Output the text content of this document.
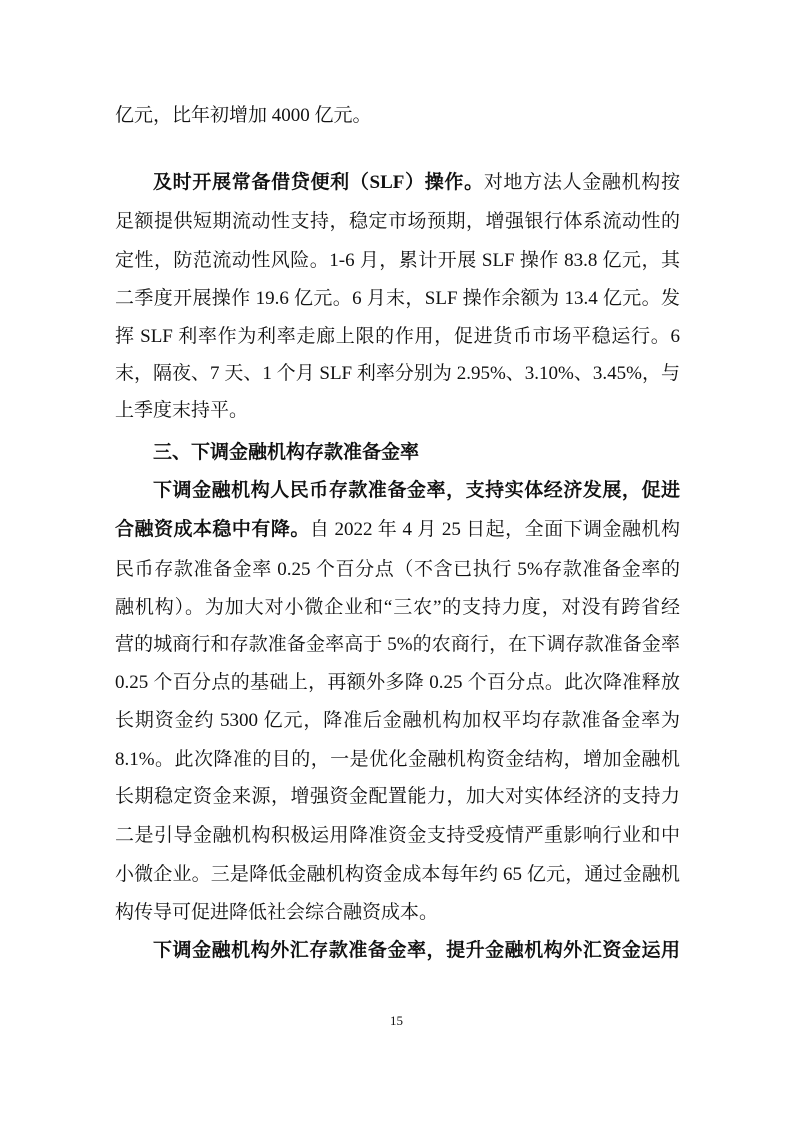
亿元，比年初增加 4000 亿元。
及时开展常备借贷便利（SLF）操作。对地方法人金融机构按
足额提供短期流动性支持，稳定市场预期，增强银行体系流动性的
定性，防范流动性风险。1-6 月，累计开展 SLF 操作 83.8 亿元，其
二季度开展操作 19.6 亿元。6 月末，SLF 操作余额为 13.4 亿元。发
挥 SLF 利率作为利率走廊上限的作用，促进货币市场平稳运行。6
末，隔夜、7 天、1 个月 SLF 利率分别为 2.95%、3.10%、3.45%，与
上季度末持平。
三、下调金融机构存款准备金率
下调金融机构人民币存款准备金率，支持实体经济发展，促进
合融资成本稳中有降。自 2022 年 4 月 25 日起，全面下调金融机构
民币存款准备金率 0.25 个百分点（不含已执行 5%存款准备金率的
融机构）。为加大对小微企业和“三农”的支持力度，对没有跨省经
营的城商行和存款准备金率高于 5%的农商行，在下调存款准备金率
0.25 个百分点的基础上，再额外多降 0.25 个百分点。此次降准释放
长期资金约 5300 亿元，降准后金融机构加权平均存款准备金率为
8.1%。此次降准的目的，一是优化金融机构资金结构，增加金融机
长期稳定资金来源，增强资金配置能力，加大对实体经济的支持力
二是引导金融机构积极运用降准资金支持受疫情严重影响行业和中
小微企业。三是降低金融机构资金成本每年约 65 亿元，通过金融机
构传导可促进降低社会综合融资成本。
下调金融机构外汇存款准备金率，提升金融机构外汇资金运用
15
